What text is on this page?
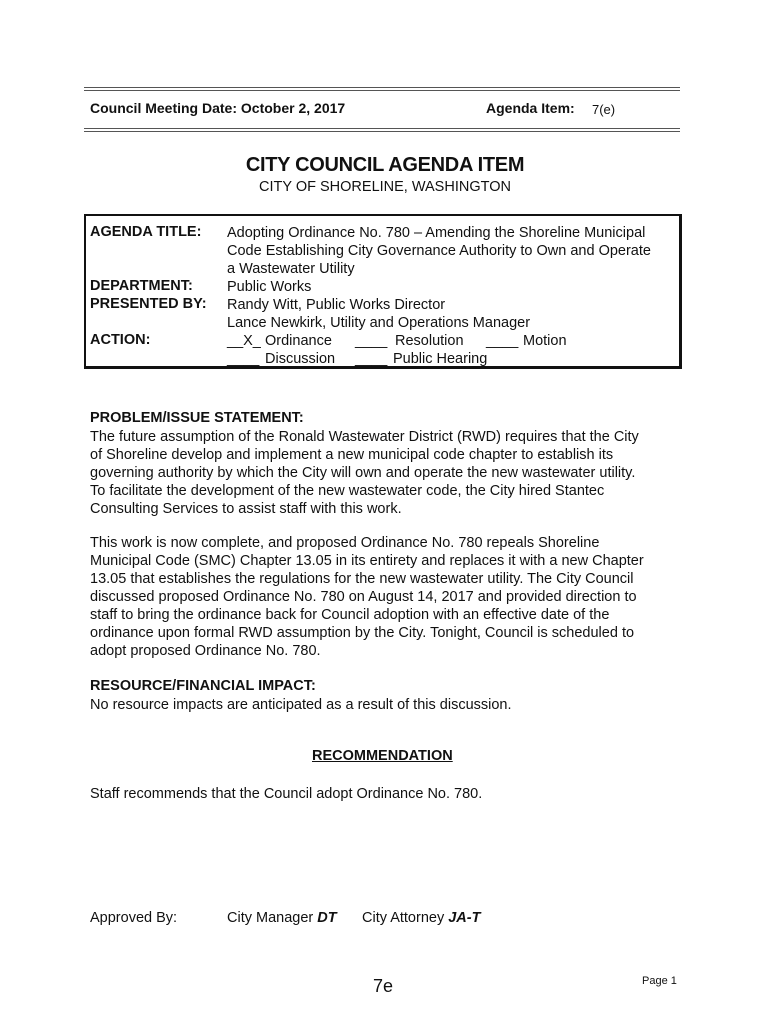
Council Meeting Date: October 2, 2017	Agenda Item: 7(e)
CITY COUNCIL AGENDA ITEM
CITY OF SHORELINE, WASHINGTON
AGENDA TITLE: Adopting Ordinance No. 780 – Amending the Shoreline Municipal
Code Establishing City Governance Authority to Own and Operate
a Wastewater Utility
DEPARTMENT: Public Works
PRESENTED BY: Randy Witt, Public Works Director
Lance Newkirk, Utility and Operations Manager
ACTION:	__X_ Ordinance ____ Resolution ____ Motion
____ Discussion ____ Public Hearing
PROBLEM/ISSUE STATEMENT:
The future assumption of the Ronald Wastewater District (RWD) requires that the City
of Shoreline develop and implement a new municipal code chapter to establish its
governing authority by which the City will own and operate the new wastewater utility.
To facilitate the development of the new wastewater code, the City hired Stantec
Consulting Services to assist staff with this work.
This work is now complete, and proposed Ordinance No. 780 repeals Shoreline
Municipal Code (SMC) Chapter 13.05 in its entirety and replaces it with a new Chapter
13.05 that establishes the regulations for the new wastewater utility. The City Council
discussed proposed Ordinance No. 780 on August 14, 2017 and provided direction to
staff to bring the ordinance back for Council adoption with an effective date of the
ordinance upon formal RWD assumption by the City. Tonight, Council is scheduled to
adopt proposed Ordinance No. 780.
RESOURCE/FINANCIAL IMPACT:
No resource impacts are anticipated as a result of this discussion.
RECOMMENDATION
Staff recommends that the Council adopt Ordinance No. 780.
Approved By:	City Manager DT City Attorney JA-T
7e	Page 1
